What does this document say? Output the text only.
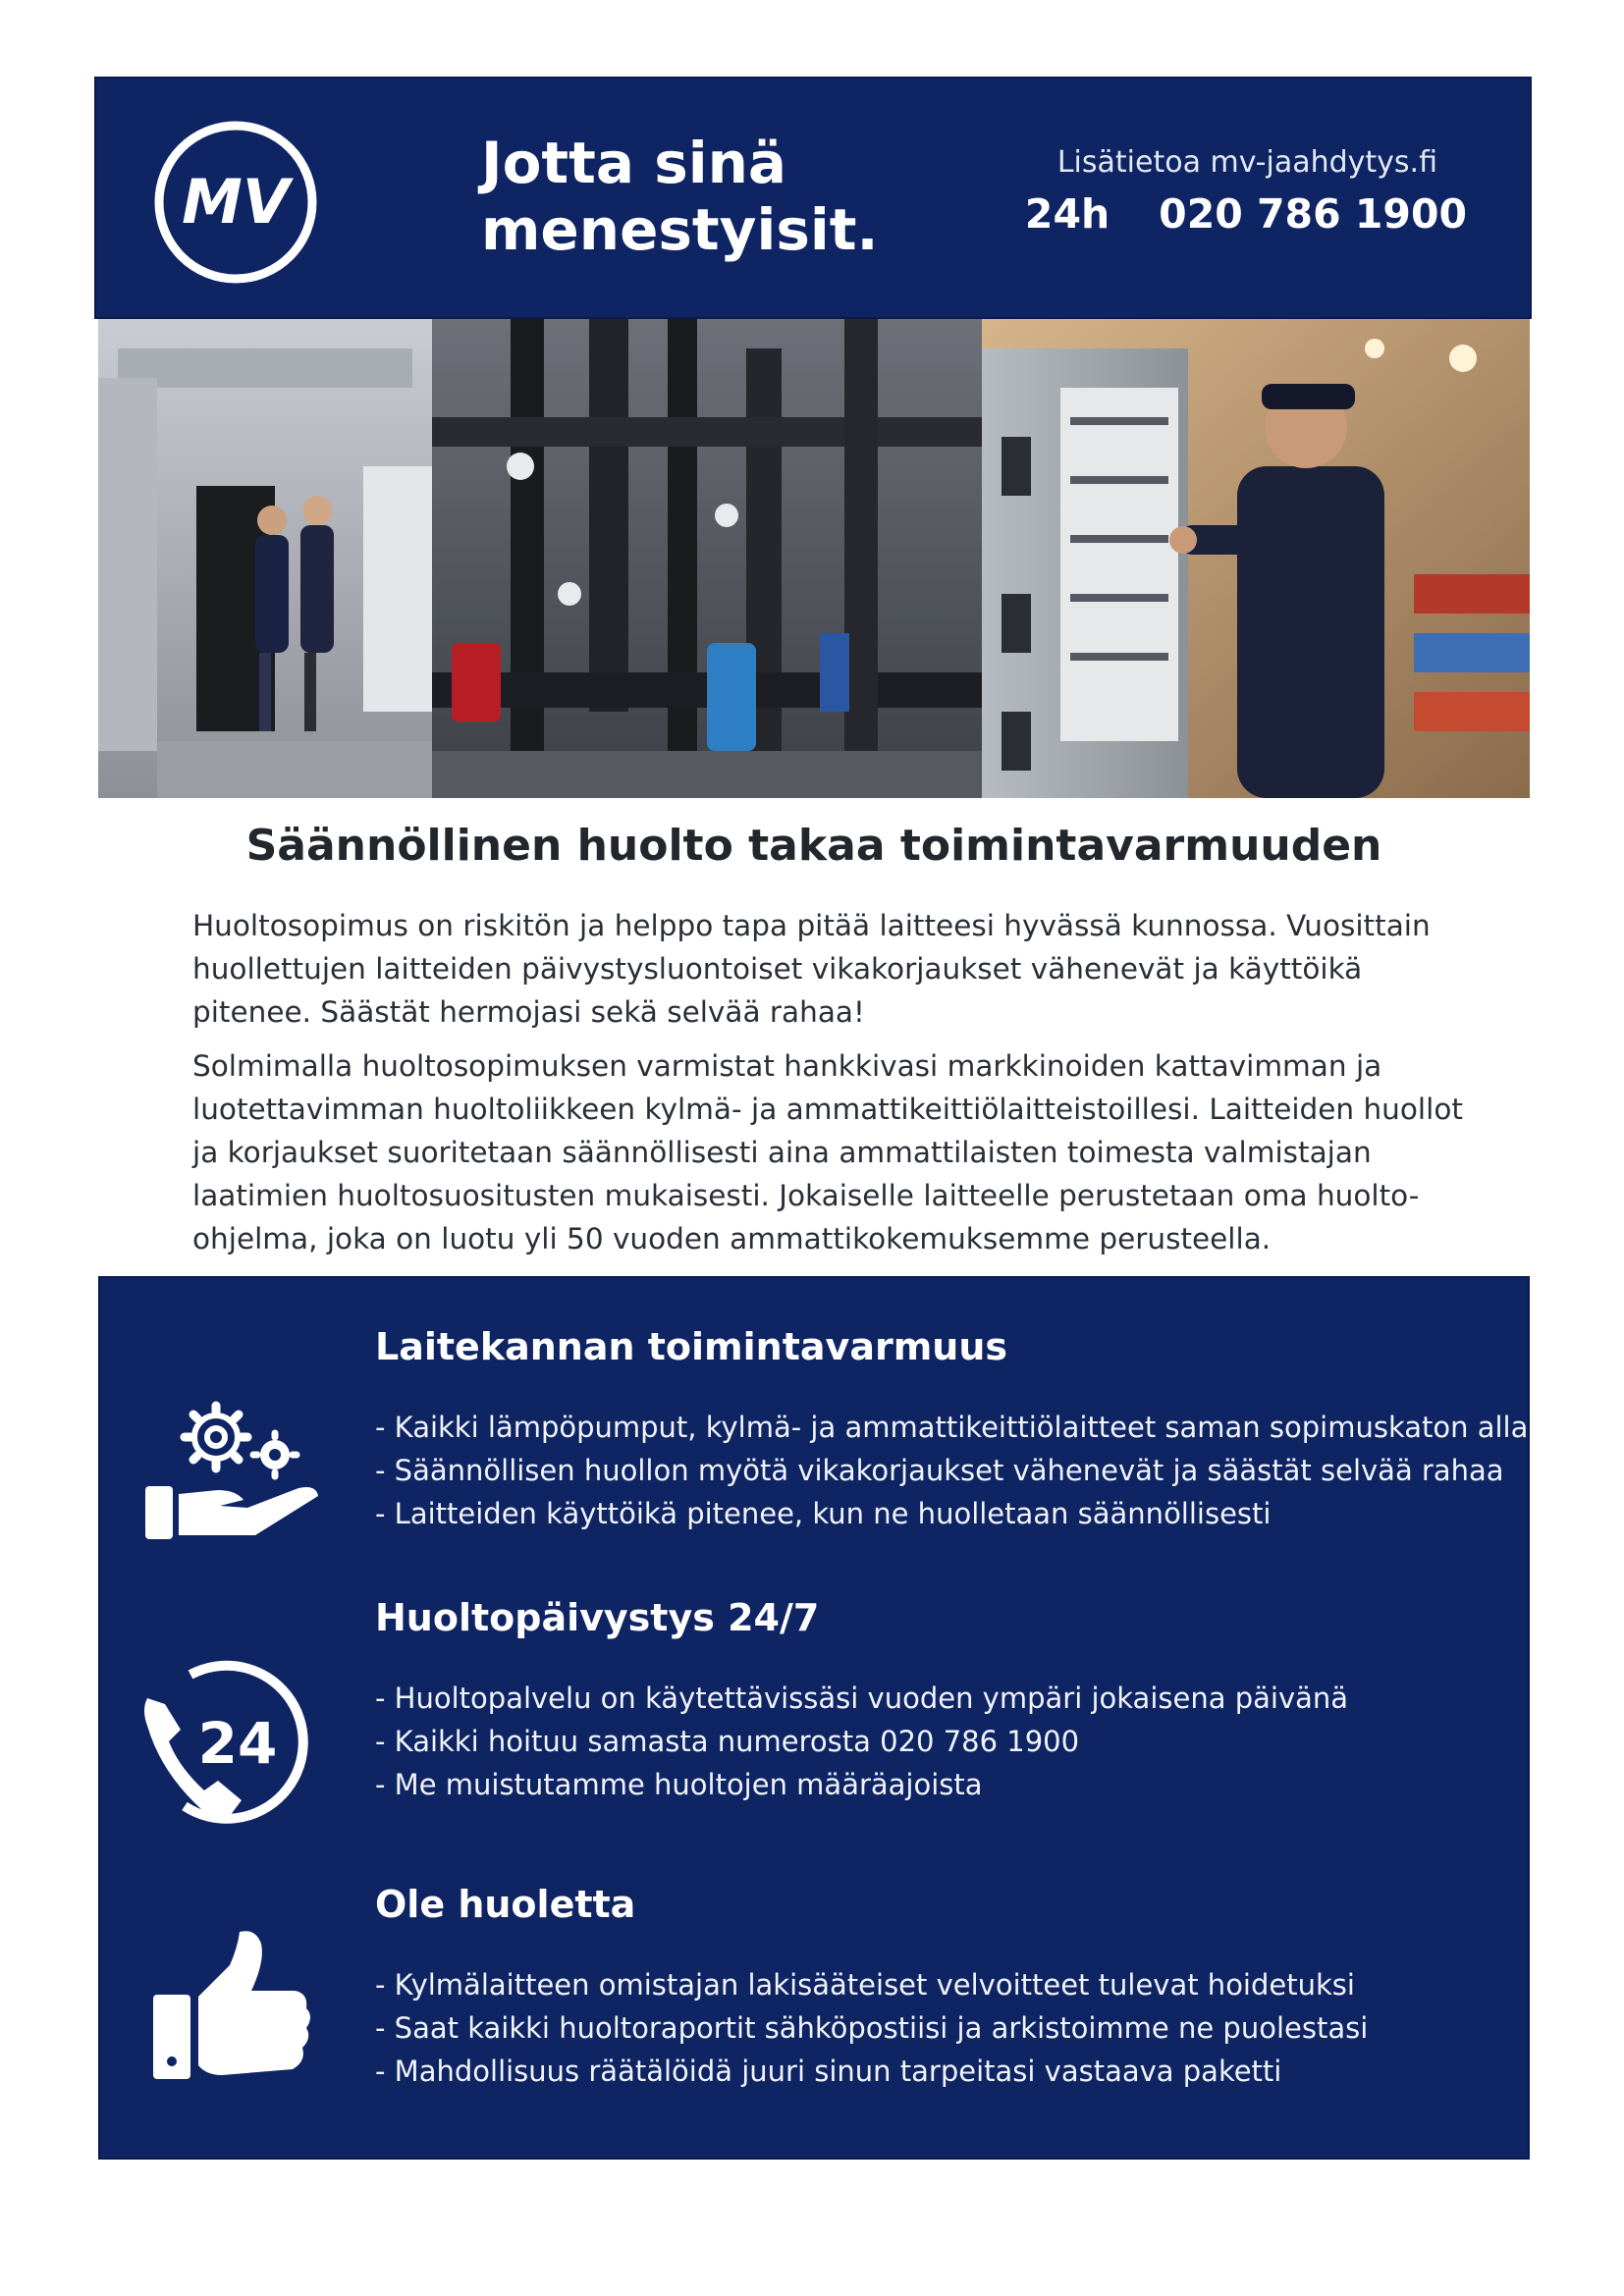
MV
Jotta sinä
menestyisit.
Lisätietoa mv-jaahdytys.fi
24h 020 786 1900
Säännöllinen huolto takaa toimintavarmuuden

Huoltosopimus on riskitön ja helppo tapa pitää laitteesi hyvässä kunnossa. Vuosittain huollettujen laitteiden päivystysluontoiset vikakorjaukset vähenevät ja käyttöikä pitenee. Säästät hermojasi sekä selvää rahaa!

Solmimalla huoltosopimuksen varmistat hankkivasi markkinoiden kattavimman ja luotettavimman huoltoliikkeen kylmä- ja ammattikeittiölaitteistoillesi. Laitteiden huollot ja korjaukset suoritetaan säännöllisesti aina ammattilaisten toimesta valmistajan laatimien huoltosuositusten mukaisesti. Jokaiselle laitteelle perustetaan oma huolto-ohjelma, joka on luotu yli 50 vuoden ammattikokemuksemme perusteella.

Laitekannan toimintavarmuus
- Kaikki lämpöpumput, kylmä- ja ammattikeittiölaitteet saman sopimuskaton alla
- Säännöllisen huollon myötä vikakorjaukset vähenevät ja säästät selvää rahaa
- Laitteiden käyttöikä pitenee, kun ne huolletaan säännöllisesti
24
Huoltopäivystys 24/7
- Huoltopalvelu on käytettävissäsi vuoden ympäri jokaisena päivänä
- Kaikki hoituu samasta numerosta 020 786 1900
- Me muistutamme huoltojen määräajoista
Ole huoletta
- Kylmälaitteen omistajan lakisääteiset velvoitteet tulevat hoidetuksi
- Saat kaikki huoltoraportit sähköpostiisi ja arkistoimme ne puolestasi
- Mahdollisuus räätälöidä juuri sinun tarpeitasi vastaava paketti
